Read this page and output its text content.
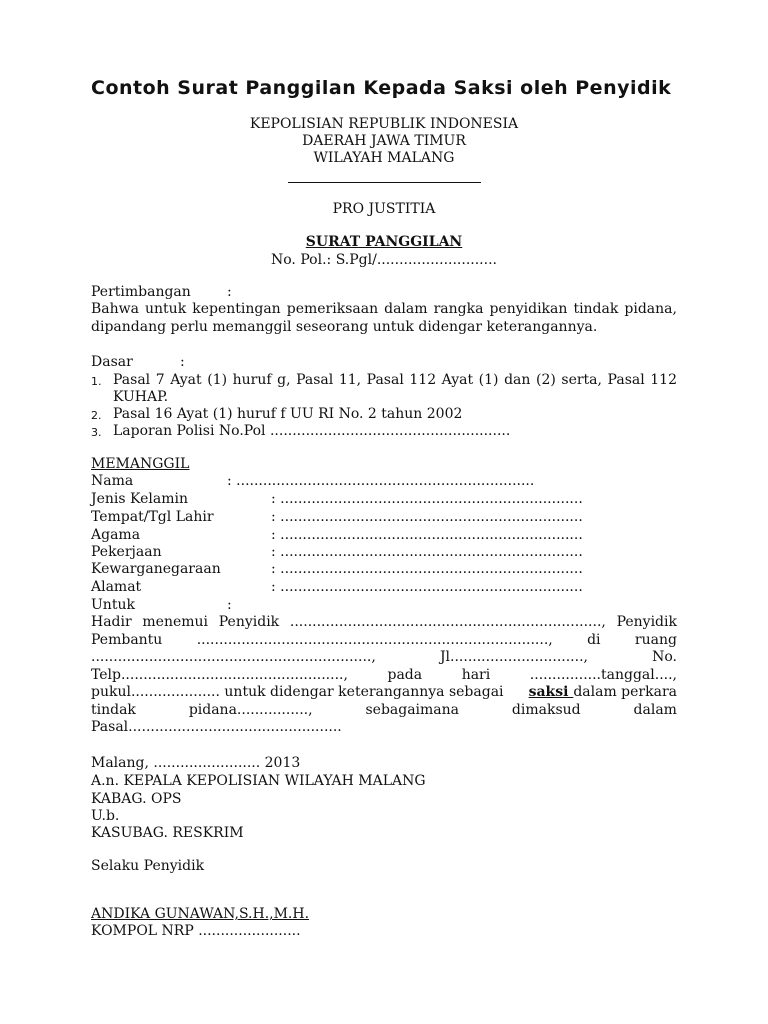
Contoh Surat Panggilan Kepada Saksi oleh Penyidik
KEPOLISIAN REPUBLIK INDONESIA
DAERAH JAWA TIMUR
WILAYAH MALANG
PRO JUSTITIA
SURAT PANGGILAN
No. Pol.: S.Pgl/...........................
Pertimbangan	:
Bahwa untuk kepentingan pemeriksaan dalam rangka penyidikan tindak pidana,
dipandang perlu memanggil seseorang untuk didengar keterangannya.
Dasar	:
1. Pasal 7 Ayat (1) huruf g, Pasal 11, Pasal 112 Ayat (1) dan (2) serta, Pasal 112 KUHAP.
2. Pasal 16 Ayat (1) huruf f UU RI No. 2 tahun 2002
3. Laporan Polisi No.Pol ......................................................
MEMANGGIL
Nama	: ...................................................................
Jenis Kelamin	: ....................................................................
Tempat/Tgl Lahir	: ....................................................................
Agama	: ....................................................................
Pekerjaan	: ....................................................................
Kewarganegaraan	: ....................................................................
Alamat	: ....................................................................
Untuk	:
Hadir menemui Penyidik ......................................................................, Penyidik
Pembantu ..............................................................................., di ruang
...............................................................,	Jl..............................,	No.
Telp..................................................,	pada	hari	................tanggal....,
pukul.................... untuk didengar keterangannya sebagai saksi dalam perkara
tindak	pidana................,	sebagaimana	dimaksud	dalam
Pasal................................................
Malang, ........................ 2013
A.n. KEPALA KEPOLISIAN WILAYAH MALANG
KABAG. OPS
U.b.
KASUBAG. RESKRIM
Selaku Penyidik
ANDIKA GUNAWAN,S.H.,M.H.
KOMPOL NRP .......................
